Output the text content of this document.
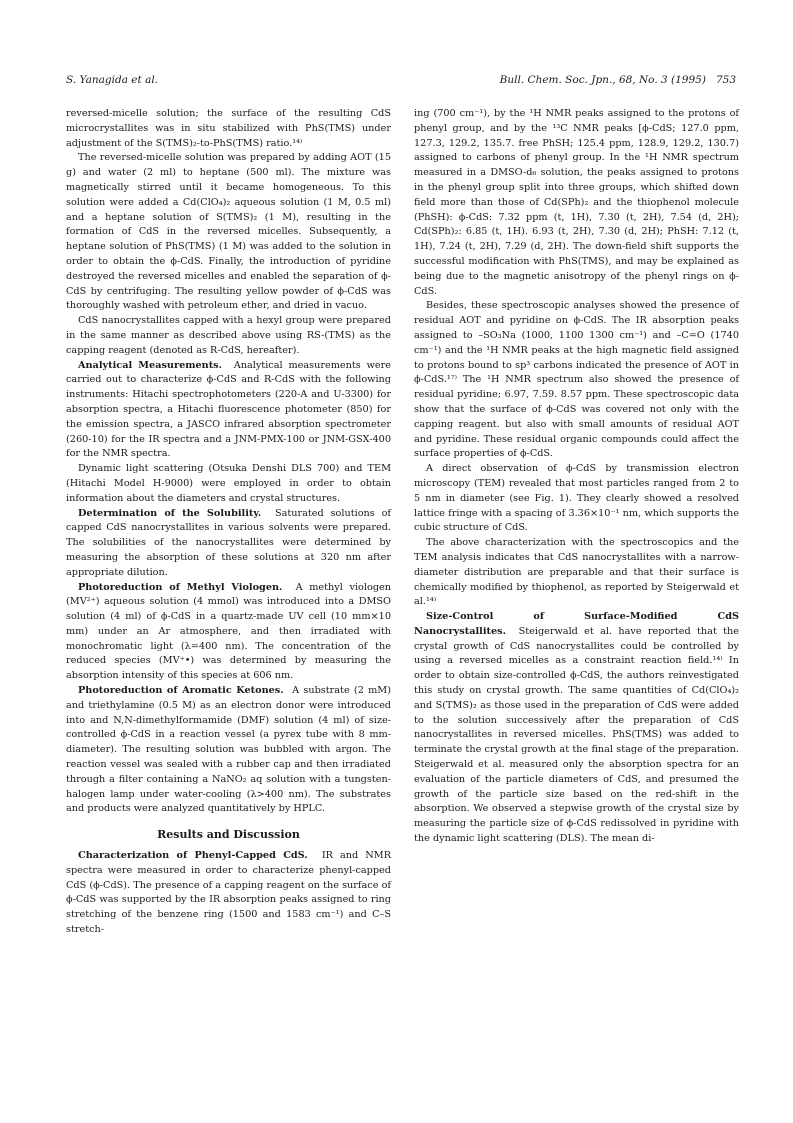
S. Yanagida et al.	Bull. Chem. Soc. Jpn., 68, No. 3 (1995) 753

reversed-micelle solution; the surface of the resulting CdS microcrystallites was in situ stabilized with PhS(TMS) under adjustment of the S(TMS)₂-to-PhS(TMS) ratio.¹⁴⁾

The reversed-micelle solution was prepared by adding AOT (15 g) and water (2 ml) to heptane (500 ml). The mixture was magnetically stirred until it became homogeneous. To this solution were added a Cd(ClO₄)₂ aqueous solution (1 M, 0.5 ml) and a heptane solution of S(TMS)₂ (1 M), resulting in the formation of CdS in the reversed micelles. Subsequently, a heptane solution of PhS(TMS) (1 M) was added to the solution in order to obtain the ϕ-CdS. Finally, the introduction of pyridine destroyed the reversed micelles and enabled the separation of ϕ-CdS by centrifuging. The resulting yellow powder of ϕ-CdS was thoroughly washed with petroleum ether, and dried in vacuo.

CdS nanocrystallites capped with a hexyl group were prepared in the same manner as described above using RS-(TMS) as the capping reagent (denoted as R-CdS, hereafter).

Analytical Measurements. Analytical measurements were carried out to characterize ϕ-CdS and R-CdS with the following instruments: Hitachi spectrophotometers (220-A and U-3300) for absorption spectra, a Hitachi fluorescence photometer (850) for the emission spectra, a JASCO infrared absorption spectrometer (260-10) for the IR spectra and a JNM-PMX-100 or JNM-GSX-400 for the NMR spectra.

Dynamic light scattering (Otsuka Denshi DLS 700) and TEM (Hitachi Model H-9000) were employed in order to obtain information about the diameters and crystal structures.

Determination of the Solubility. Saturated solutions of capped CdS nanocrystallites in various solvents were prepared. The solubilities of the nanocrystallites were determined by measuring the absorption of these solutions at 320 nm after appropriate dilution.

Photoreduction of Methyl Viologen. A methyl viologen (MV²⁺) aqueous solution (4 mmol) was introduced into a DMSO solution (4 ml) of ϕ-CdS in a quartz-made UV cell (10 mm×10 mm) under an Ar atmosphere, and then irradiated with monochromatic light (λ=400 nm). The concentration of the reduced species (MV⁺•) was determined by measuring the absorption intensity of this species at 606 nm.

Photoreduction of Aromatic Ketones. A substrate (2 mM) and triethylamine (0.5 M) as an electron donor were introduced into and N,N-dimethylformamide (DMF) solution (4 ml) of size-controlled ϕ-CdS in a reaction vessel (a pyrex tube with 8 mm-diameter). The resulting solution was bubbled with argon. The reaction vessel was sealed with a rubber cap and then irradiated through a filter containing a NaNO₂ aq solution with a tungsten-halogen lamp under water-cooling (λ>400 nm). The substrates and products were analyzed quantitatively by HPLC.

Results and Discussion

Characterization of Phenyl-Capped CdS. IR and NMR spectra were measured in order to characterize phenyl-capped CdS (ϕ-CdS). The presence of a capping reagent on the surface of ϕ-CdS was supported by the IR absorption peaks assigned to ring stretching of the benzene ring (1500 and 1583 cm⁻¹) and C–S stretch-

ing (700 cm⁻¹), by the ¹H NMR peaks assigned to the protons of phenyl group, and by the ¹³C NMR peaks [ϕ-CdS; 127.0 ppm, 127.3, 129.2, 135.7. free PhSH; 125.4 ppm, 128.9, 129.2, 130.7) assigned to carbons of phenyl group. In the ¹H NMR spectrum measured in a DMSO-d₆ solution, the peaks assigned to protons in the phenyl group split into three groups, which shifted down field more than those of Cd(SPh)₂ and the thiophenol molecule (PhSH): ϕ-CdS: 7.32 ppm (t, 1H), 7.30 (t, 2H), 7.54 (d, 2H); Cd(SPh)₂: 6.85 (t, 1H). 6.93 (t, 2H), 7.30 (d, 2H); PhSH: 7.12 (t, 1H), 7.24 (t, 2H), 7.29 (d, 2H). The down-field shift supports the successful modification with PhS(TMS), and may be explained as being due to the magnetic anisotropy of the phenyl rings on ϕ-CdS.

Besides, these spectroscopic analyses showed the presence of residual AOT and pyridine on ϕ-CdS. The IR absorption peaks assigned to –SO₃Na (1000, 1100 1300 cm⁻¹) and –C=O (1740 cm⁻¹) and the ¹H NMR peaks at the high magnetic field assigned to protons bound to sp³ carbons indicated the presence of AOT in ϕ-CdS.¹⁷⁾ The ¹H NMR spectrum also showed the presence of residual pyridine; 6.97, 7.59. 8.57 ppm. These spectroscopic data show that the surface of ϕ-CdS was covered not only with the capping reagent. but also with small amounts of residual AOT and pyridine. These residual organic compounds could affect the surface properties of ϕ-CdS.

A direct observation of ϕ-CdS by transmission electron microscopy (TEM) revealed that most particles ranged from 2 to 5 nm in diameter (see Fig. 1). They clearly showed a resolved lattice fringe with a spacing of 3.36×10⁻¹ nm, which supports the cubic structure of CdS.

The above characterization with the spectroscopics and the TEM analysis indicates that CdS nanocrystallites with a narrow-diameter distribution are preparable and that their surface is chemically modified by thiophenol, as reported by Steigerwald et al.¹⁴⁾

Size-Control of Surface-Modified CdS Nanocrystallites. Steigerwald et al. have reported that the crystal growth of CdS nanocrystallites could be controlled by using a reversed micelles as a constraint reaction field.¹⁴⁾ In order to obtain size-controlled ϕ-CdS, the authors reinvestigated this study on crystal growth. The same quantities of Cd(ClO₄)₂ and S(TMS)₂ as those used in the preparation of CdS were added to the solution successively after the preparation of CdS nanocrystallites in reversed micelles. PhS(TMS) was added to terminate the crystal growth at the final stage of the preparation. Steigerwald et al. measured only the absorption spectra for an evaluation of the particle diameters of CdS, and presumed the growth of the particle size based on the red-shift in the absorption. We observed a stepwise growth of the crystal size by measuring the particle size of ϕ-CdS redissolved in pyridine with the dynamic light scattering (DLS). The mean di-
